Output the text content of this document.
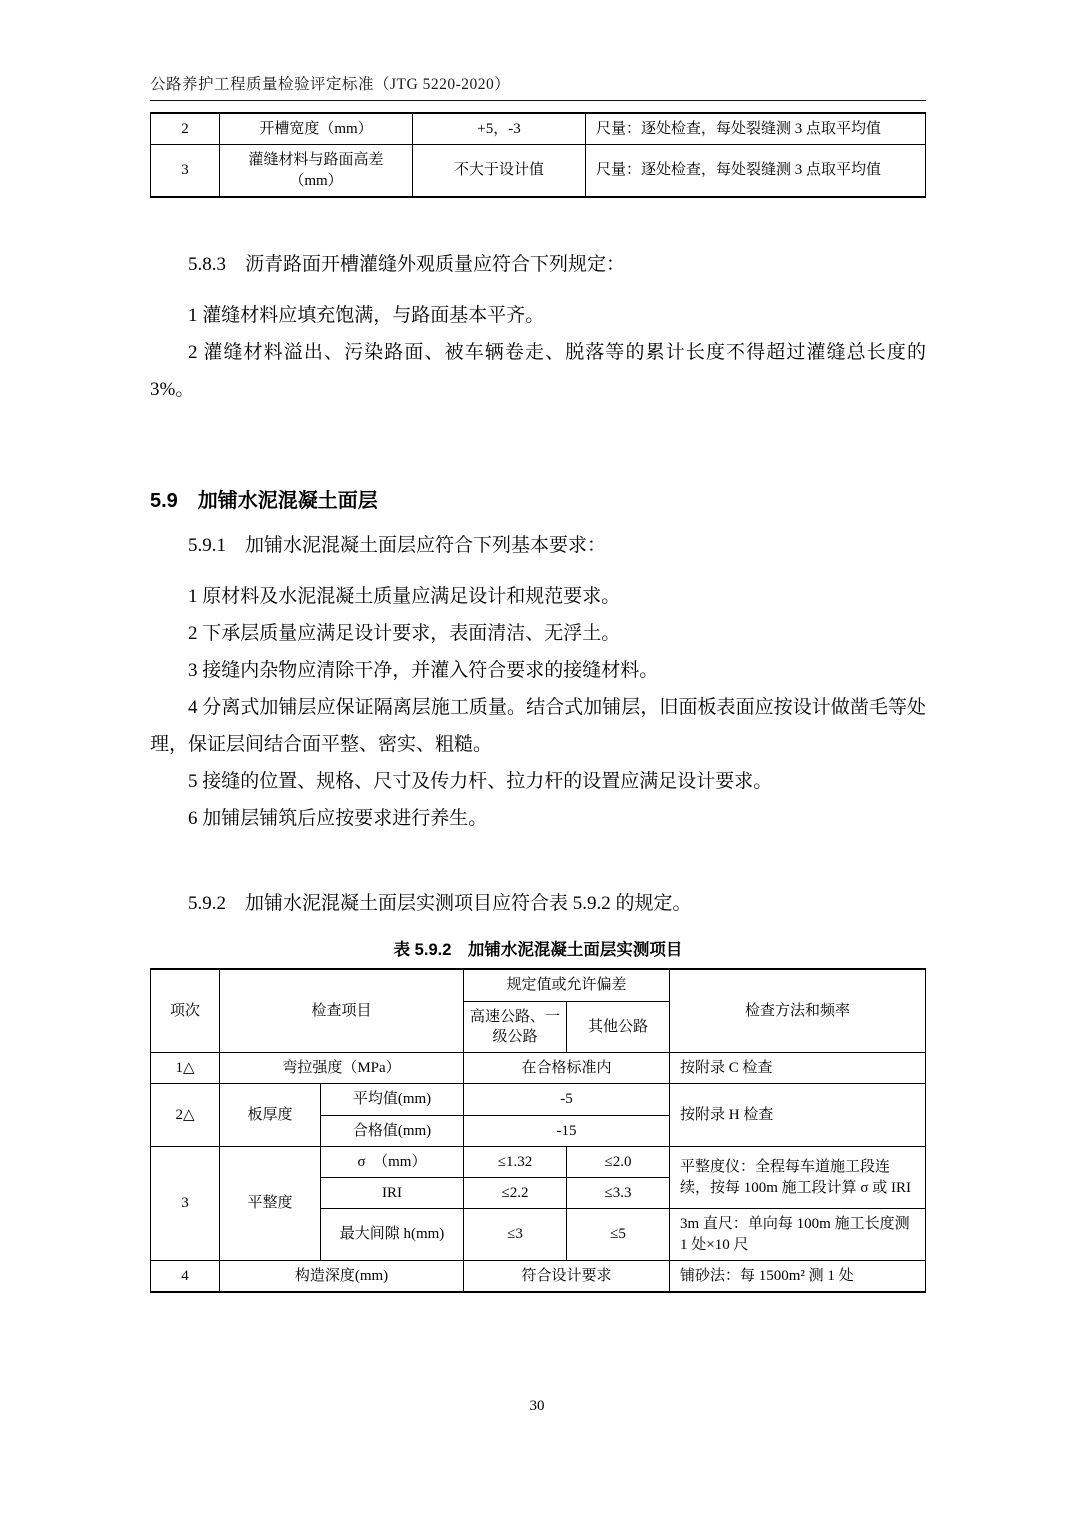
公路养护工程质量检验评定标准（JTG 5220-2020）
2	开槽宽度（mm）	+5，-3	尺量：逐处检查，每处裂缝测 3 点取平均值
3	灌缝材料与路面高差（mm）	不大于设计值	尺量：逐处检查，每处裂缝测 3 点取平均值

5.8.3　沥青路面开槽灌缝外观质量应符合下列规定：

1 灌缝材料应填充饱满，与路面基本平齐。

2 灌缝材料溢出、污染路面、被车辆卷走、脱落等的累计长度不得超过灌缝总长度的 3%。

5.9　加铺水泥混凝土面层

5.9.1　加铺水泥混凝土面层应符合下列基本要求：

1 原材料及水泥混凝土质量应满足设计和规范要求。

2 下承层质量应满足设计要求，表面清洁、无浮土。

3 接缝内杂物应清除干净，并灌入符合要求的接缝材料。

4 分离式加铺层应保证隔离层施工质量。结合式加铺层，旧面板表面应按设计做凿毛等处理，保证层间结合面平整、密实、粗糙。

5 接缝的位置、规格、尺寸及传力杆、拉力杆的设置应满足设计要求。

6 加铺层铺筑后应按要求进行养生。

5.9.2　加铺水泥混凝土面层实测项目应符合表 5.9.2 的规定。

表 5.9.2　加铺水泥混凝土面层实测项目
项次	检查项目		规定值或允许偏差		检查方法和频率
			高速公路、一级公路	其他公路	

1△	弯拉强度（MPa）		在合格标准内		按附录 C 检查
2△	板厚度	平均值(mm)	-5		按附录 H 检查
		合格值(mm)	-15		
3	平整度	σ　（mm）	≤1.32	≤2.0	平整度仪：全程每车道施工段连续，按每 100m 施工段计算 σ 或 IRI
		IRI	≤2.2	≤3.3	
		最大间隙 h(mm)	≤3	≤5	3m 直尺：单向每 100m 施工长度测 1 处×10 尺
4	构造深度(mm)		符合设计要求		铺砂法：每 1500m² 测 1 处
30
